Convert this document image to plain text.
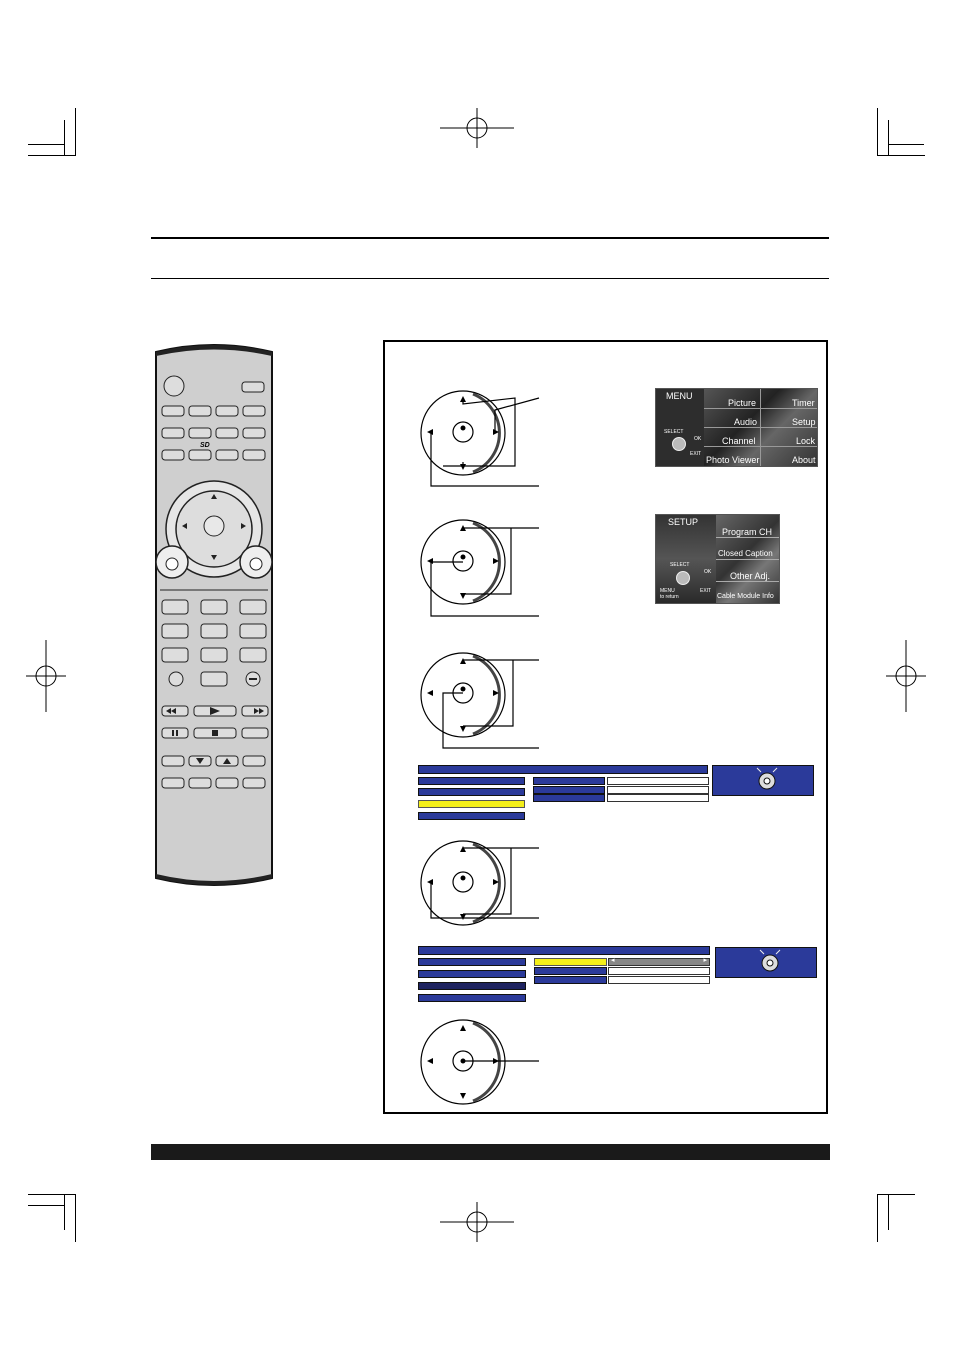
SD
MENU
Picture	Timer
Audio	Setup
Channel	Lock
Photo Viewer	About
SELECT
OK
EXIT
SETUP
Program CH
Closed Caption
Other Adj.
Cable Module Info
SELECT
OK
MENU
to return
EXIT
◂	▸
